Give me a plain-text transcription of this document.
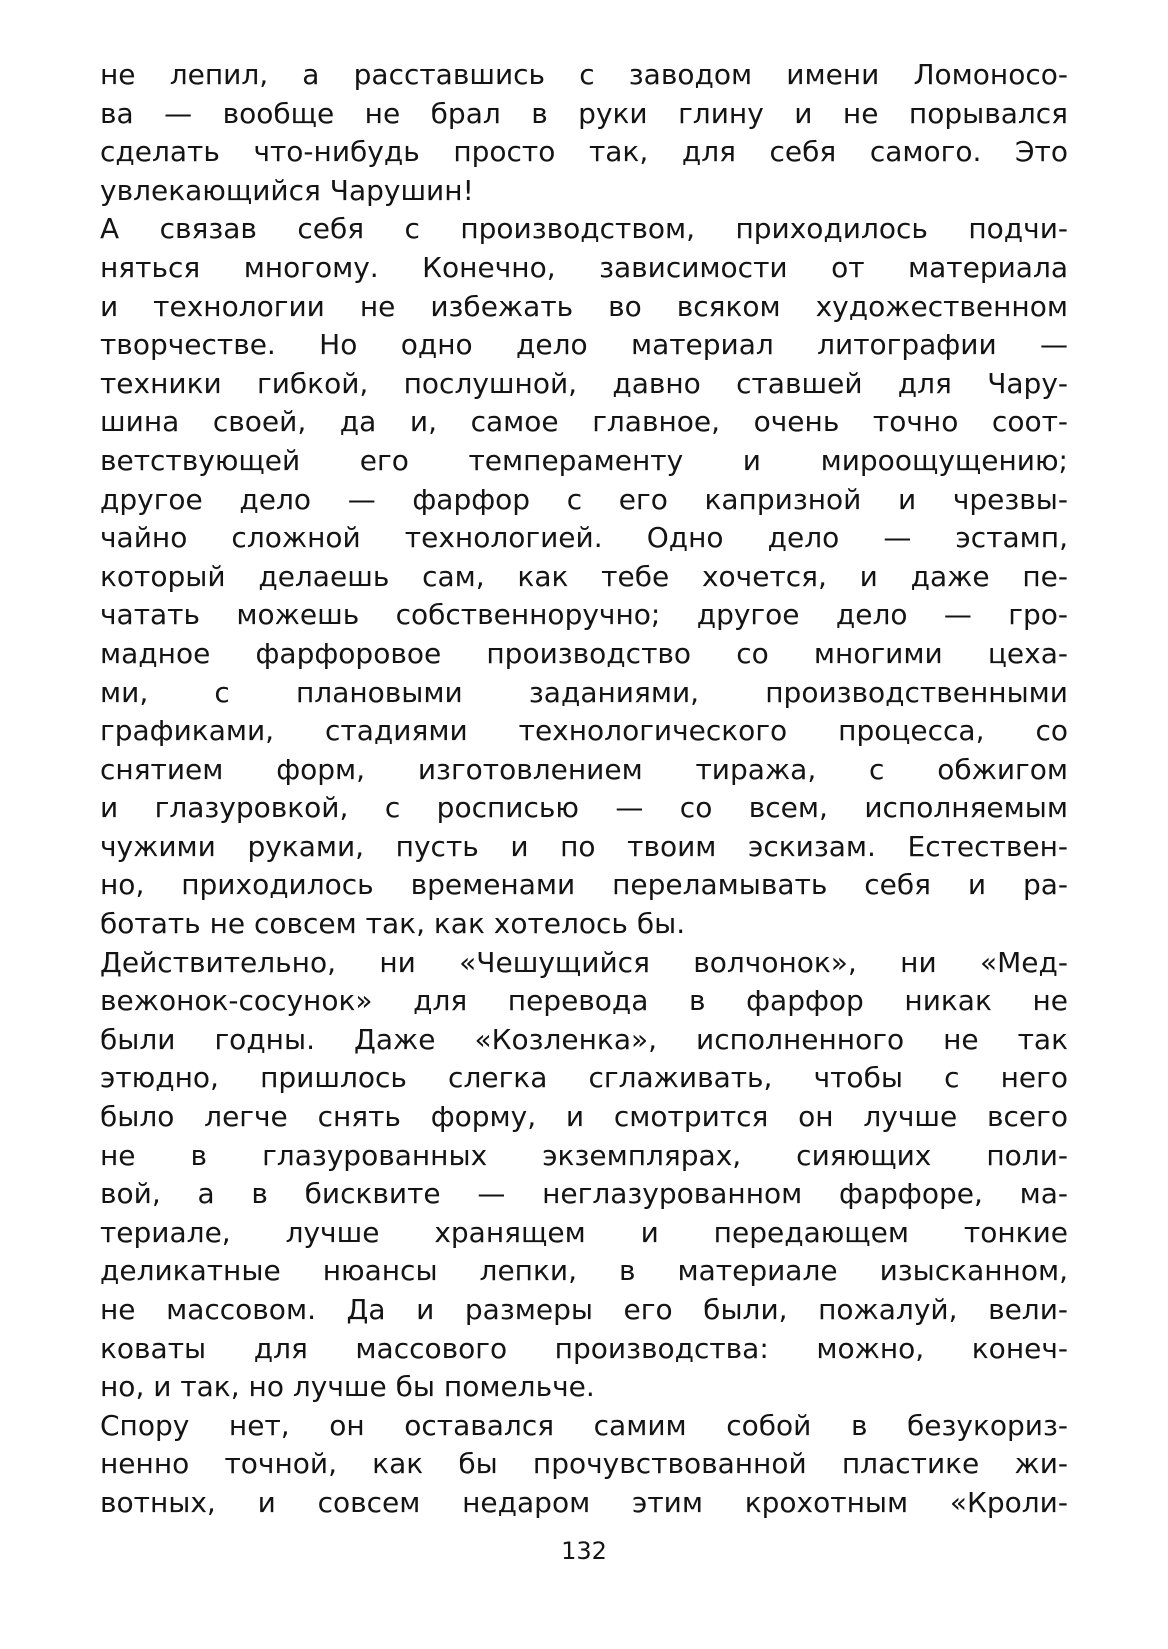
не лепил, а расставшись с заводом имени Ломоносо-
ва — вообще не брал в руки глину и не порывался
сделать что-нибудь просто так, для себя самого. Это
увлекающийся Чарушин!
А связав себя с производством, приходилось подчи-
няться многому. Конечно, зависимости от материала
и технологии не избежать во всяком художественном
творчестве. Но одно дело материал литографии —
техники гибкой, послушной, давно ставшей для Чару-
шина своей, да и, самое главное, очень точно соот-
ветствующей его темпераменту и мироощущению;
другое дело — фарфор с его капризной и чрезвы-
чайно сложной технологией. Одно дело — эстамп,
который делаешь сам, как тебе хочется, и даже пе-
чатать можешь собственноручно; другое дело — гро-
мадное фарфоровое производство со многими цеха-
ми, с плановыми заданиями, производственными
графиками, стадиями технологического процесса, со
снятием форм, изготовлением тиража, с обжигом
и глазуровкой, с росписью — со всем, исполняемым
чужими руками, пусть и по твоим эскизам. Естествен-
но, приходилось временами переламывать себя и ра-
ботать не совсем так, как хотелось бы.
Действительно, ни «Чешущийся волчонок», ни «Мед-
вежонок-сосунок» для перевода в фарфор никак не
были годны. Даже «Козленка», исполненного не так
этюдно, пришлось слегка сглаживать, чтобы с него
было легче снять форму, и смотрится он лучше всего
не в глазурованных экземплярах, сияющих поли-
вой, а в бисквите — неглазурованном фарфоре, ма-
териале, лучше хранящем и передающем тонкие
деликатные нюансы лепки, в материале изысканном,
не массовом. Да и размеры его были, пожалуй, вели-
коваты для массового производства: можно, конеч-
но, и так, но лучше бы помельче.
Спору нет, он оставался самим собой в безукориз-
ненно точной, как бы прочувствованной пластике жи-
вотных, и совсем недаром этим крохотным «Кроли-
132
